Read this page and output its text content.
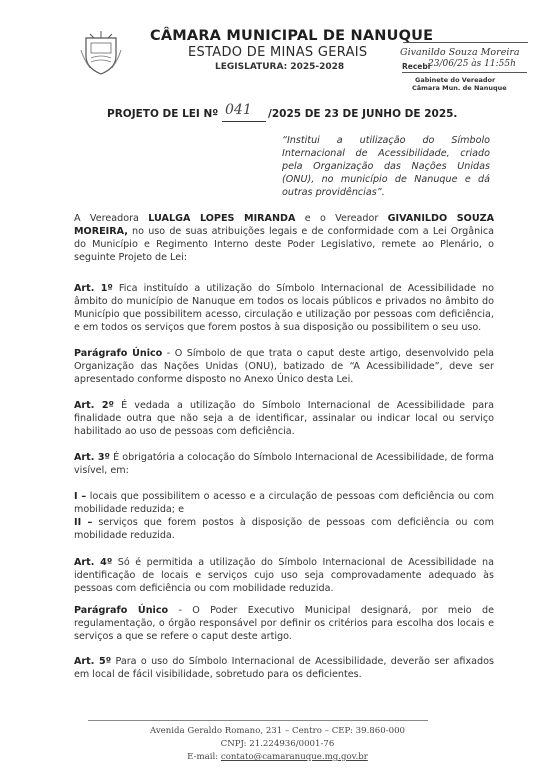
CÂMARA MUNICIPAL DE NANUQUE
ESTADO DE MINAS GERAIS
LEGISLATURA: 2025-2028
Givanildo Souza Moreira
Recebi
23/06/25 às 11:55h
Gabinete do Vereador
Câmara Mun. de Nanuque
PROJETO DE LEI Nº 041 /2025 DE 23 DE JUNHO DE 2025.
“Institui a utilização do Símbolo Internacional de Acessibilidade, criado pela Organização das Nações Unidas (ONU), no município de Nanuque e dá outras providências”.
A Vereadora LUALGA LOPES MIRANDA e o Vereador GIVANILDO SOUZA MOREIRA, no uso de suas atribuições legais e de conformidade com a Lei Orgânica do Município e Regimento Interno deste Poder Legislativo, remete ao Plenário, o seguinte Projeto de Lei:
Art. 1º Fica instituído a utilização do Símbolo Internacional de Acessibilidade no âmbito do município de Nanuque em todos os locais públicos e privados no âmbito do Município que possibilitem acesso, circulação e utilização por pessoas com deficiência, e em todos os serviços que forem postos à sua disposição ou possibilitem o seu uso.
Parágrafo Único - O Símbolo de que trata o caput deste artigo, desenvolvido pela Organização das Nações Unidas (ONU), batizado de “A Acessibilidade”, deve ser apresentado conforme disposto no Anexo Único desta Lei.
Art. 2º É vedada a utilização do Símbolo Internacional de Acessibilidade para finalidade outra que não seja a de identificar, assinalar ou indicar local ou serviço habilitado ao uso de pessoas com deficiência.
Art. 3º É obrigatória a colocação do Símbolo Internacional de Acessibilidade, de forma visível, em:
I – locais que possibilitem o acesso e a circulação de pessoas com deficiência ou com mobilidade reduzida; e
II – serviços que forem postos à disposição de pessoas com deficiência ou com mobilidade reduzida.
Art. 4º Só é permitida a utilização do Símbolo Internacional de Acessibilidade na identificação de locais e serviços cujo uso seja comprovadamente adequado às pessoas com deficiência ou com mobilidade reduzida.
Parágrafo Único - O Poder Executivo Municipal designará, por meio de regulamentação, o órgão responsável por definir os critérios para escolha dos locais e serviços a que se refere o caput deste artigo.
Art. 5º Para o uso do Símbolo Internacional de Acessibilidade, deverão ser afixados em local de fácil visibilidade, sobretudo para os deficientes.
Avenida Geraldo Romano, 231 – Centro – CEP: 39.860-000
CNPJ: 21.224936/0001-76
E-mail: contato@camaranuque.mg.gov.br
